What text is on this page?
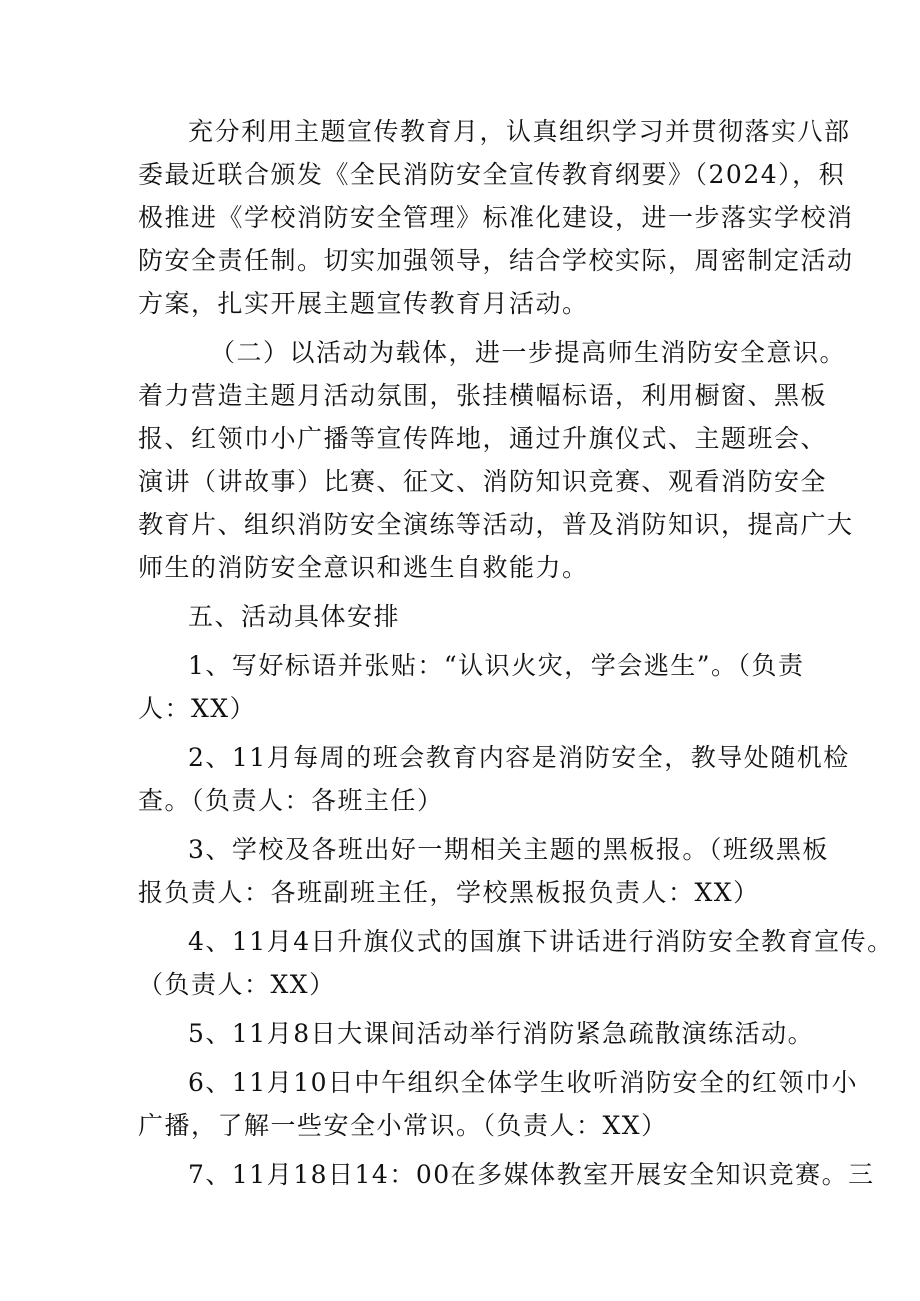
充分利用主题宣传教育月，认真组织学习并贯彻落实八部
委最近联合颁发《全民消防安全宣传教育纲要》（2024），积
极推进《学校消防安全管理》标准化建设，进一步落实学校消
防安全责任制。切实加强领导，结合学校实际，周密制定活动
方案，扎实开展主题宣传教育月活动。

（二）以活动为载体，进一步提高师生消防安全意识。
着力营造主题月活动氛围，张挂横幅标语，利用橱窗、黑板
报、红领巾小广播等宣传阵地，通过升旗仪式、主题班会、
演讲（讲故事）比赛、征文、消防知识竞赛、观看消防安全
教育片、组织消防安全演练等活动，普及消防知识，提高广大
师生的消防安全意识和逃生自救能力。

五、活动具体安排

1、写好标语并张贴：“认识火灾，学会逃生”。（负责
人：XX）

2、11月每周的班会教育内容是消防安全，教导处随机检
查。（负责人：各班主任）

3、学校及各班出好一期相关主题的黑板报。（班级黑板
报负责人：各班副班主任，学校黑板报负责人：XX）

4、11月4日升旗仪式的国旗下讲话进行消防安全教育宣传。
（负责人：XX）

5、11月8日大课间活动举行消防紧急疏散演练活动。

6、11月10日中午组织全体学生收听消防安全的红领巾小
广播，了解一些安全小常识。（负责人：XX）

7、11月18日14：00在多媒体教室开展安全知识竞赛。三
